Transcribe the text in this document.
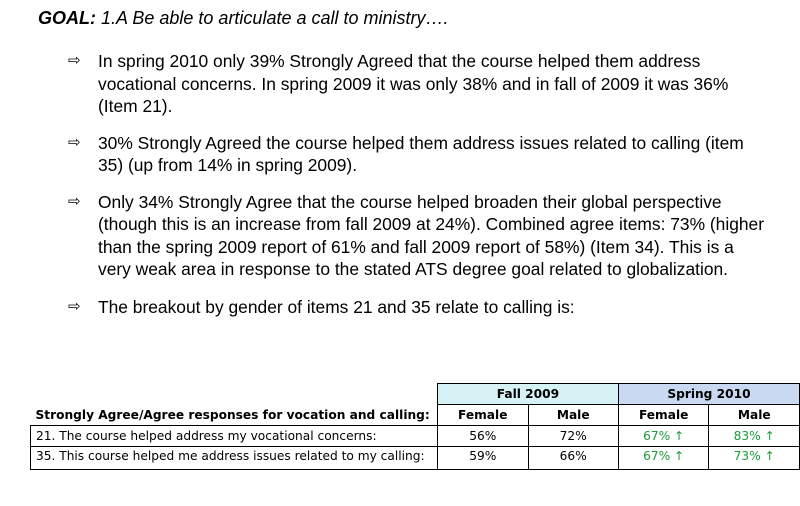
GOAL: 1.A Be able to articulate a call to ministry….
⇨ In spring 2010 only 39% Strongly Agreed that the course helped them address vocational concerns. In spring 2009 it was only 38% and in fall of 2009 it was 36% (Item 21).
⇨ 30% Strongly Agreed the course helped them address issues related to calling (item 35) (up from 14% in spring 2009).
⇨ Only 34% Strongly Agree that the course helped broaden their global perspective (though this is an increase from fall 2009 at 24%). Combined agree items: 73% (higher than the spring 2009 report of 61% and fall 2009 report of 58%) (Item 34). This is a very weak area in response to the stated ATS degree goal related to globalization.
⇨ The breakout by gender of items 21 and 35 relate to calling is:
	Fall 2009		Spring 2010	
Strongly Agree/Agree responses for vocation and calling:	Female	Male	Female	Male
21. The course helped address my vocational concerns:	56%	72%	67% ↑	83% ↑
35. This course helped me address issues related to my calling:	59%	66%	67% ↑	73% ↑
